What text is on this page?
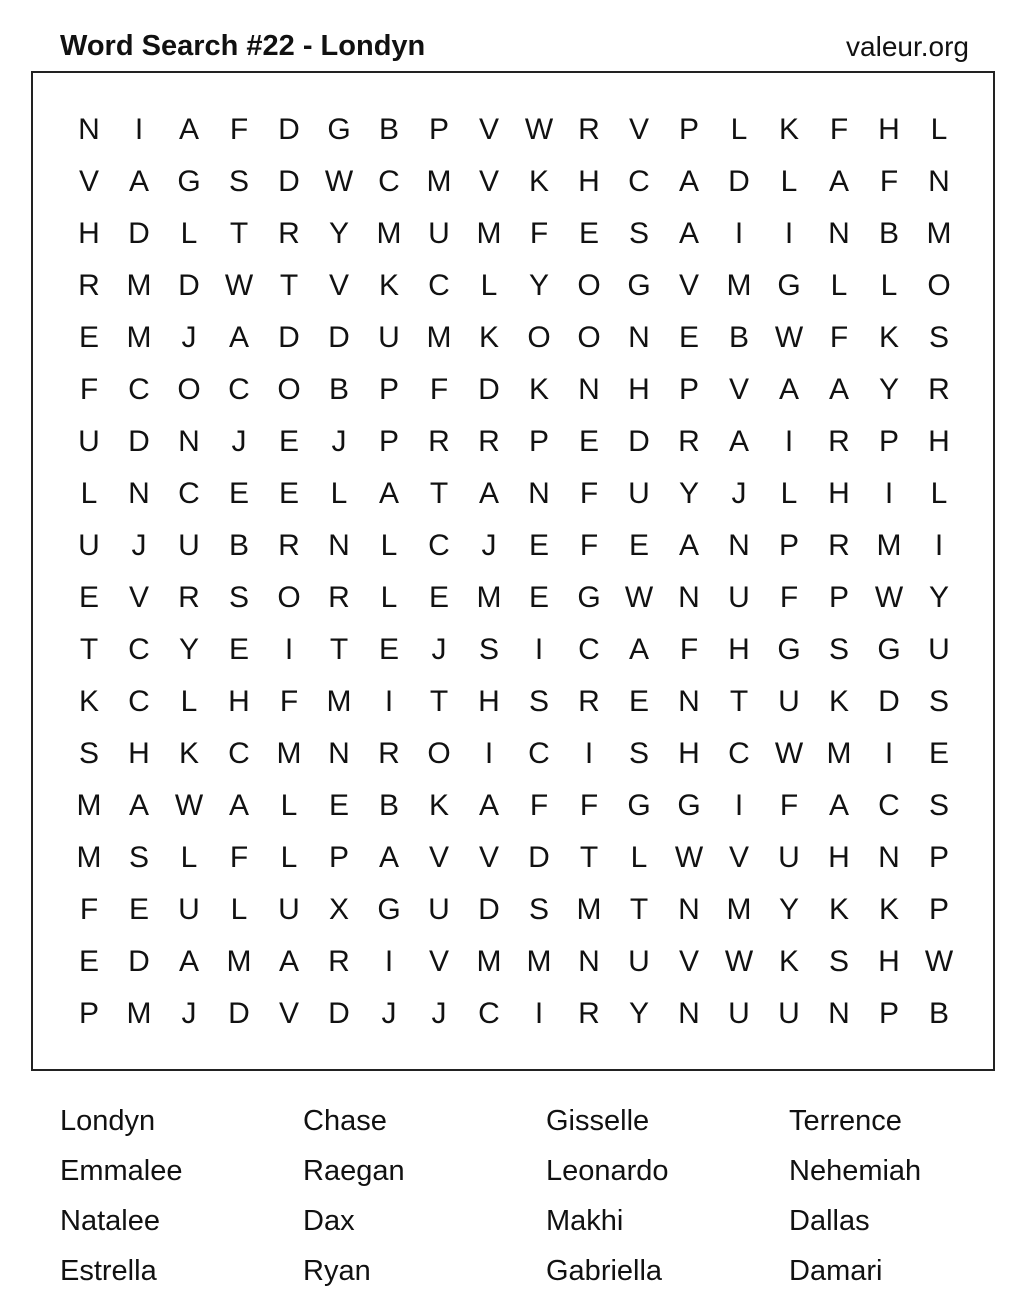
Word Search #22 - Londyn	valeur.org
N	I	A	F	D G B P V W R V P	L	K	F	H	L
V A G S D W C M V K H C A D	L	A	F	N
H D	L	T	R Y M U M F	E S A	I	I	N B M
R M D W T	V K C	L	Y O G V M G L	L O
E M	J	A D D U M K O O N E B W F	K S
F	C O C O B P	F	D K N H P V A A Y R
U D N	J	E	J	P R R P E D R A	I	R P H
L	N C E E	L	A	T	A N	F	U Y	J	L	H	I	L
U	J	U B R N	L	C	J	E	F	E A N P R M	I
E V R S O R	L	E M E G W N U	F	P W Y
T	C Y E	I	T	E	J	S	I	C A	F	H G S G U
K C	L	H	F M	I	T	H S R E N	T	U K D S
S H K C M N R O	I	C	I	S H C W M	I	E
M A W A	L	E B K A	F	F G G	I	F	A C S
M S	L	F	L	P A V V D	T	L W V U H N P
F	E U	L	U X G U D S M T	N M Y K K P
E D A M A R	I	V M M N U V W K S H W
P M	J	D V D	J	J	C	I	R Y N U U N P B
Londyn	Chase	Gisselle	Terrence
Emmalee	Raegan	Leonardo	Nehemiah
Natalee	Dax	Makhi	Dallas
Estrella	Ryan	Gabriella	Damari
